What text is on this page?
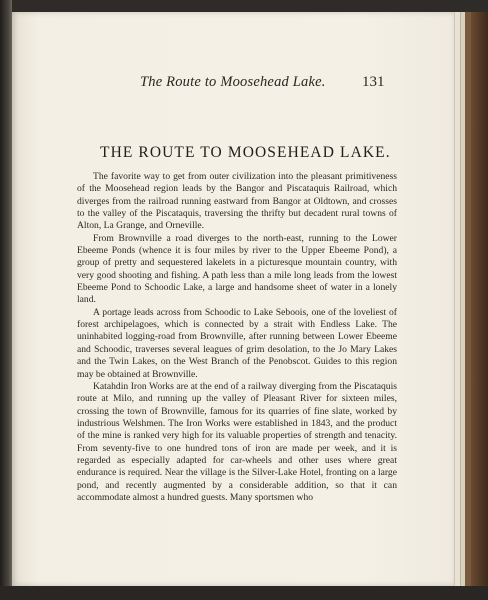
The Route to Moosehead Lake.	131
THE ROUTE TO MOOSEHEAD LAKE.

The favorite way to get from outer civilization into the pleasant primitiveness of the Moosehead region leads by the Bangor and Piscataquis Railroad, which diverges from the railroad running eastward from Bangor at Oldtown, and crosses to the valley of the Piscataquis, traversing the thrifty but decadent rural towns of Alton, La Grange, and Orneville.

From Brownville a road diverges to the north-east, running to the Lower Ebeeme Ponds (whence it is four miles by river to the Upper Ebeeme Pond), a group of pretty and sequestered lakelets in a picturesque mountain country, with very good shooting and fishing. A path less than a mile long leads from the lowest Ebeeme Pond to Schoodic Lake, a large and handsome sheet of water in a lonely land.

A portage leads across from Schoodic to Lake Seboois, one of the loveliest of forest archipelagoes, which is connected by a strait with Endless Lake. The uninhabited logging-road from Brownville, after running between Lower Ebeeme and Schoodic, traverses several leagues of grim desolation, to the Jo Mary Lakes and the Twin Lakes, on the West Branch of the Penobscot. Guides to this region may be obtained at Brownville.

Katahdin Iron Works are at the end of a railway diverging from the Piscataquis route at Milo, and running up the valley of Pleasant River for sixteen miles, crossing the town of Brownville, famous for its quarries of fine slate, worked by industrious Welshmen. The Iron Works were established in 1843, and the product of the mine is ranked very high for its valuable properties of strength and tenacity. From seventy-five to one hundred tons of iron are made per week, and it is regarded as especially adapted for car-wheels and other uses where great endurance is required. Near the village is the Silver-Lake Hotel, fronting on a large pond, and recently augmented by a considerable addition, so that it can accommodate almost a hundred guests. Many sportsmen who
